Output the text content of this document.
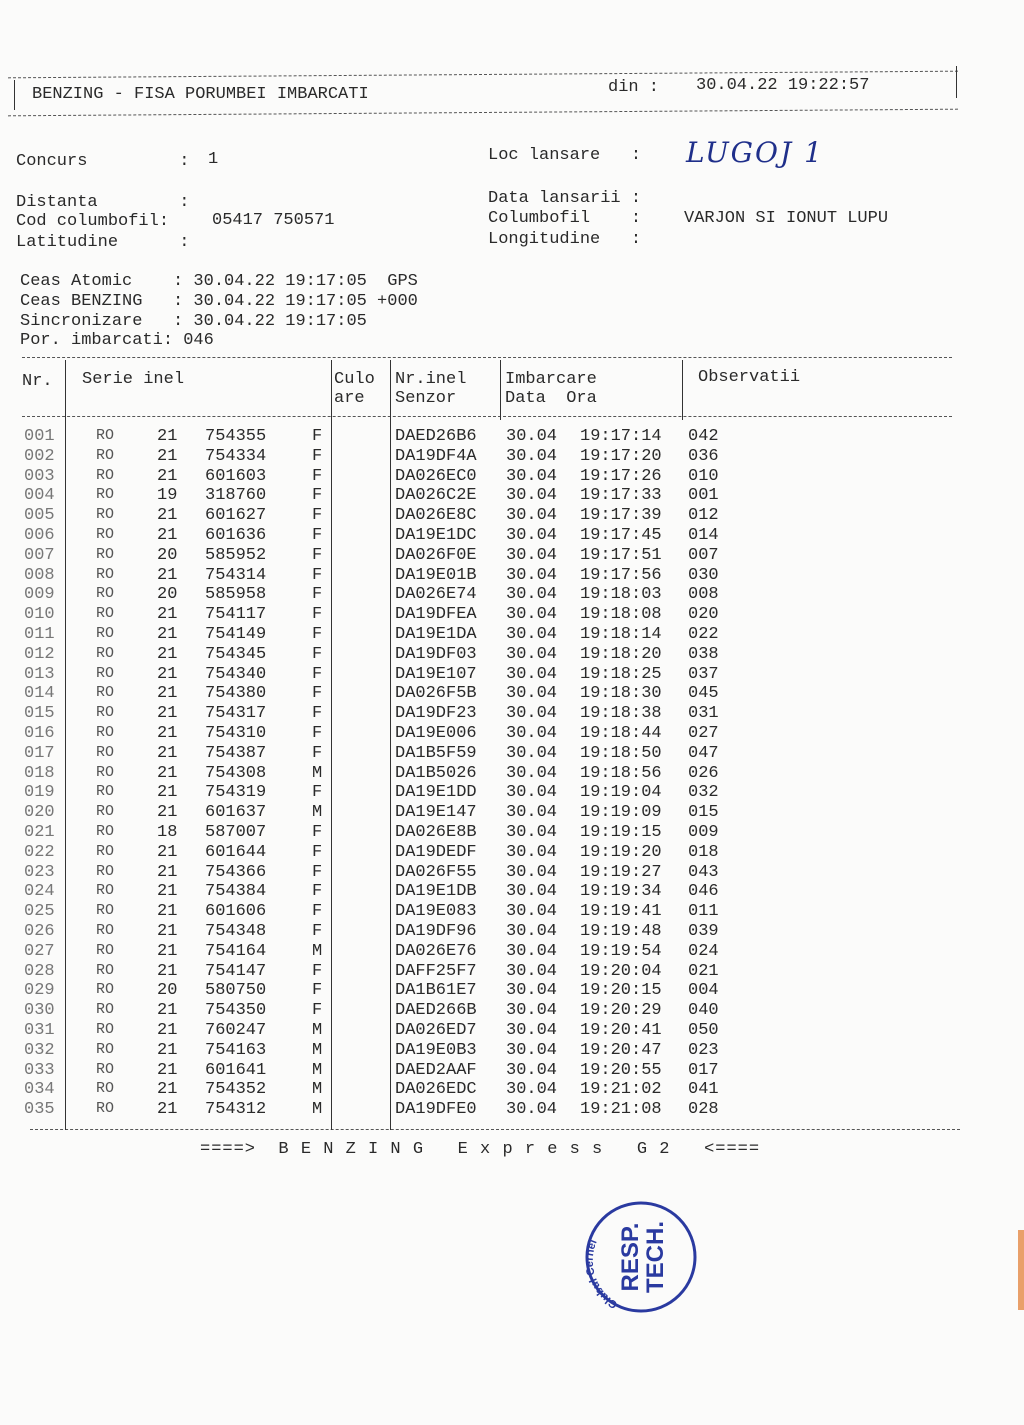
BENZING - FISA PORUMBEI IMBARCATI	din : 30.04.22 19:22:57
Concurs         : 1	Loc lansare   : LUGOJ 1
Distanta        :
Cod columbofil:	05417 750571
Latitudine      :
Data lansarii :
Columbofil    :	VARJON SI IONUT LUPU
Longitudine   :
Ceas Atomic    : 30.04.22 19:17:05  GPS
Ceas BENZING   : 30.04.22 19:17:05 +000
Sincronizare   : 30.04.22 19:17:05
Por. imbarcati: 046
Nr. Serie inel	Culo
are
Nr.inel
Senzor
Imbarcare
Data  Ora
Observatii
001	RO	21 754355	F	DAED26B6 30.04 19:17:14 042
002	RO	21 754334	F	DA19DF4A 30.04 19:17:20 036
003	RO	21 601603	F	DA026EC0 30.04 19:17:26 010
004	RO	19 318760	F	DA026C2E 30.04 19:17:33 001
005	RO	21 601627	F	DA026E8C 30.04 19:17:39 012
006	RO	21 601636	F	DA19E1DC 30.04 19:17:45 014
007	RO	20 585952	F	DA026F0E 30.04 19:17:51 007
008	RO	21 754314	F	DA19E01B 30.04 19:17:56 030
009	RO	20 585958	F	DA026E74 30.04 19:18:03 008
010	RO	21 754117	F	DA19DFEA 30.04 19:18:08 020
011	RO	21 754149	F	DA19E1DA 30.04 19:18:14 022
012	RO	21 754345	F	DA19DF03 30.04 19:18:20 038
013	RO	21 754340	F	DA19E107 30.04 19:18:25 037
014	RO	21 754380	F	DA026F5B 30.04 19:18:30 045
015	RO	21 754317	F	DA19DF23 30.04 19:18:38 031
016	RO	21 754310	F	DA19E006 30.04 19:18:44 027
017	RO	21 754387	F	DA1B5F59 30.04 19:18:50 047
018	RO	21 754308	M	DA1B5026 30.04 19:18:56 026
019	RO	21 754319	F	DA19E1DD 30.04 19:19:04 032
020	RO	21 601637	M	DA19E147 30.04 19:19:09 015
021	RO	18 587007	F	DA026E8B 30.04 19:19:15 009
022	RO	21 601644	F	DA19DEDF 30.04 19:19:20 018
023	RO	21 754366	F	DA026F55 30.04 19:19:27 043
024	RO	21 754384	F	DA19E1DB 30.04 19:19:34 046
025	RO	21 601606	F	DA19E083 30.04 19:19:41 011
026	RO	21 754348	F	DA19DF96 30.04 19:19:48 039
027	RO	21 754164	M	DA026E76 30.04 19:19:54 024
028	RO	21 754147	F	DAFF25F7 30.04 19:20:04 021
029	RO	20 580750	F	DA1B61E7 30.04 19:20:15 004
030	RO	21 754350	F	DAED266B 30.04 19:20:29 040
031	RO	21 760247	M	DA026ED7 30.04 19:20:41 050
032	RO	21 754163	M	DA19E0B3 30.04 19:20:47 023
033	RO	21 601641	M	DAED2AAF 30.04 19:20:55 017
034	RO	21 754352	M	DA026EDC 30.04 19:21:02 041
035	RO	21 754312	M	DA19DFE0 30.04 19:21:08 028
====>  B E N Z I N G   E x p r e s s   G 2   <====
Clubul Cernei RESP.
TECH.
